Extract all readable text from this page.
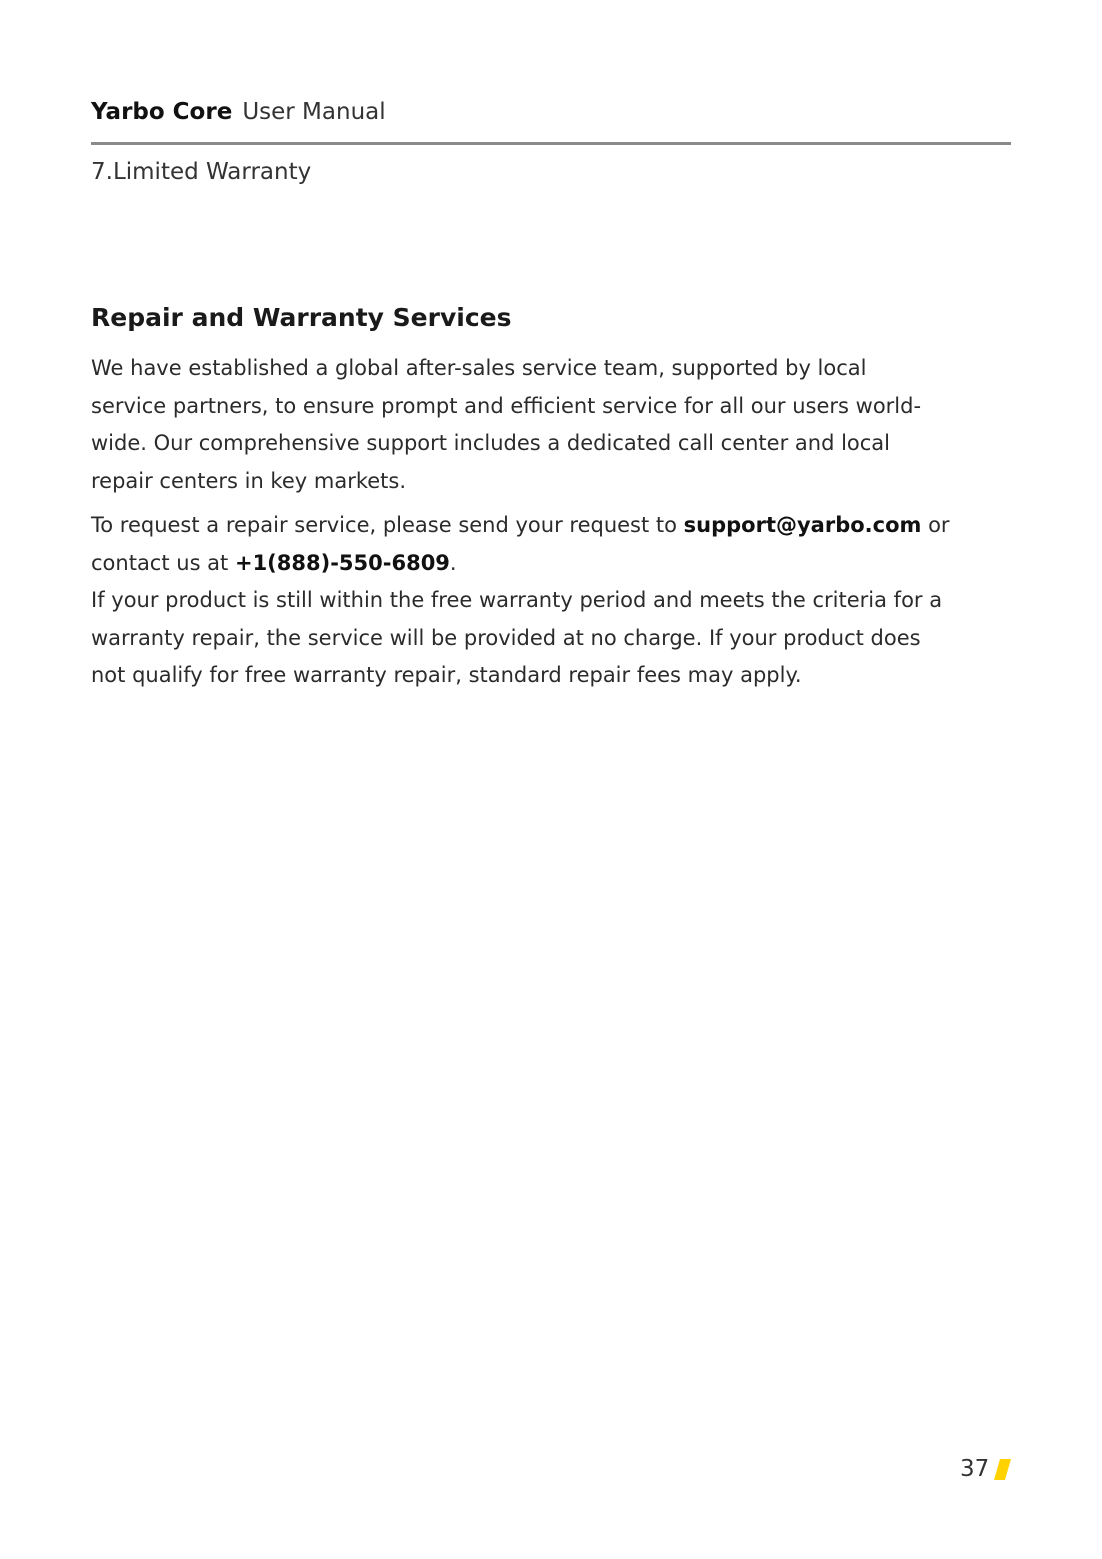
Yarbo Core User Manual
7.Limited Warranty
Repair and Warranty Services

We have established a global after-sales service team, supported by local
service partners, to ensure prompt and efficient service for all our users world-
wide. Our comprehensive support includes a dedicated call center and local
repair centers in key markets.

To request a repair service, please send your request to support@yarbo.com or
contact us at +1(888)-550-6809.

If your product is still within the free warranty period and meets the criteria for a
warranty repair, the service will be provided at no charge. If your product does
not qualify for free warranty repair, standard repair fees may apply.

37
